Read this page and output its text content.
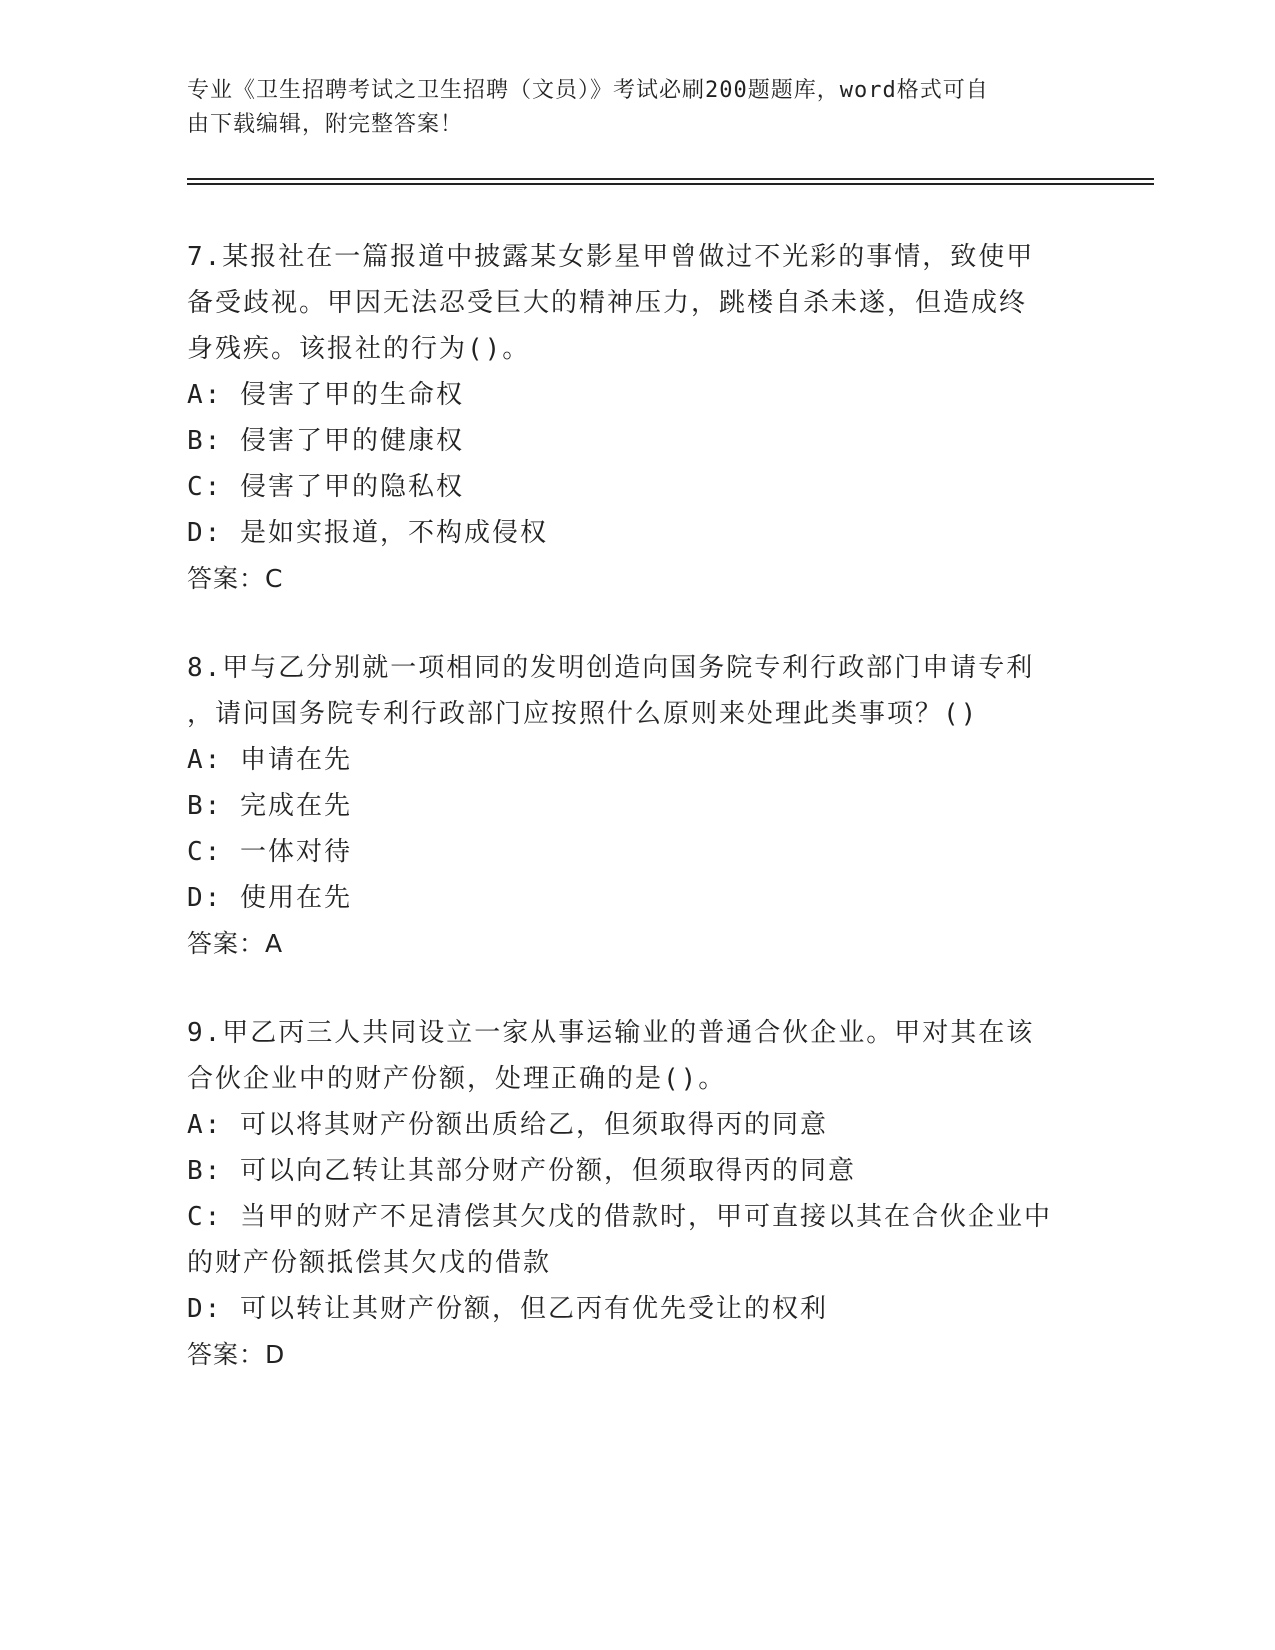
专业《卫生招聘考试之卫生招聘（文员）》考试必刷200题题库，word格式可自
由下载编辑，附完整答案！

7.某报社在一篇报道中披露某女影星甲曾做过不光彩的事情，致使甲

备受歧视。甲因无法忍受巨大的精神压力，跳楼自杀未遂，但造成终

身残疾。该报社的行为()。

A: 侵害了甲的生命权

B: 侵害了甲的健康权

C: 侵害了甲的隐私权

D: 是如实报道，不构成侵权

答案：C

8.甲与乙分别就一项相同的发明创造向国务院专利行政部门申请专利

，请问国务院专利行政部门应按照什么原则来处理此类事项？()

A: 申请在先

B: 完成在先

C: 一体对待

D: 使用在先

答案：A

9.甲乙丙三人共同设立一家从事运输业的普通合伙企业。甲对其在该

合伙企业中的财产份额，处理正确的是()。

A: 可以将其财产份额出质给乙，但须取得丙的同意

B: 可以向乙转让其部分财产份额，但须取得丙的同意

C: 当甲的财产不足清偿其欠戊的借款时，甲可直接以其在合伙企业中

的财产份额抵偿其欠戊的借款

D: 可以转让其财产份额，但乙丙有优先受让的权利

答案：D
